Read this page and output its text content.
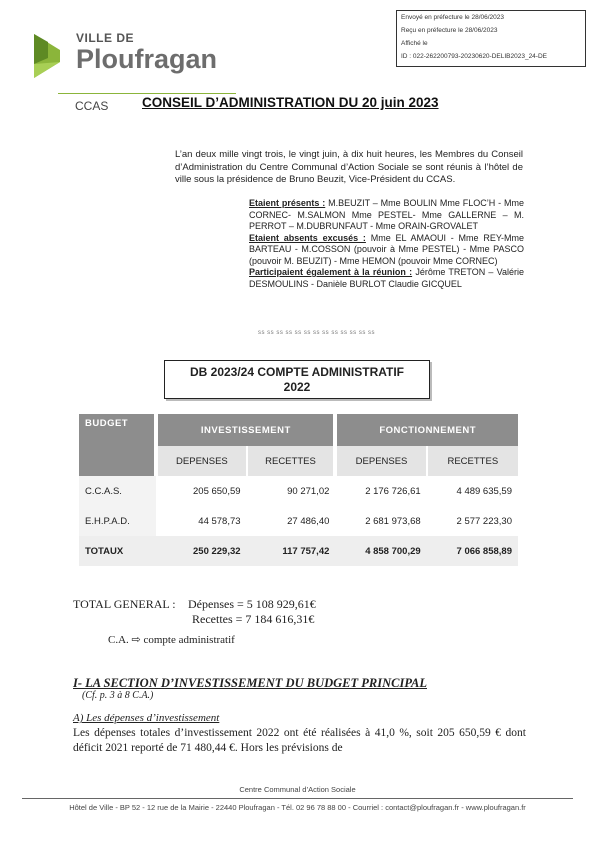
VILLE DE
Ploufragan
Envoyé en préfecture le 28/06/2023
Reçu en préfecture le 28/06/2023
Affiché le
ID : 022-262200793-20230620-DELIB2023_24-DE
CCAS CONSEIL D’ADMINISTRATION DU 20 juin 2023
L’an deux mille vingt trois, le vingt juin, à dix huit heures, les Membres du Conseil d’Administration du Centre Communal d’Action Sociale se sont réunis à l’hôtel de ville sous la présidence de Bruno Beuzit, Vice-Président du CCAS.
Etaient présents : M.BEUZIT – Mme BOULIN Mme FLOC’H - Mme CORNEC- M.SALMON Mme PESTEL- Mme GALLERNE – M. PERROT – M.DUBRUNFAUT - Mme ORAIN-GROVALET
Etaient absents excusés : Mme EL AMAOUI - Mme REY-Mme BARTEAU - M.COSSON (pouvoir à Mme PESTEL) - Mme PASCO (pouvoir M. BEUZIT) - Mme HEMON (pouvoir Mme CORNEC)
Participaient également à la réunion : Jérôme TRETON – Valérie DESMOULINS - Danièle BURLOT Claudie GICQUEL
ss ss ss ss ss ss ss ss ss ss ss ss ss
DB 2023/24 COMPTE ADMINISTRATIF
2022
BUDGET	INVESTISSEMENT		FONCTIONNEMENT	
	DEPENSES	RECETTES	DEPENSES	RECETTES
C.C.A.S.	205 650,59	90 271,02	2 176 726,61	4 489 635,59
E.H.P.A.D.	44 578,73	27 486,40	2 681 973,68	2 577 223,30
TOTAUX	250 229,32	117 757,42	4 858 700,29	7 066 858,89
TOTAL GENERAL : Dépenses = 5 108 929,61€
Recettes = 7 184 616,31€
C.A. ⇨ compte administratif
I- LA SECTION D’INVESTISSEMENT DU BUDGET PRINCIPAL
(Cf. p. 3 à 8 C.A.)
A) Les dépenses d’investissement
Les dépenses totales d’investissement 2022 ont été réalisées à 41,0 %, soit 205 650,59 € dont déficit 2021 reporté de 71 480,44 €. Hors les prévisions de
Centre Communal d’Action Sociale
Hôtel de Ville - BP 52 - 12 rue de la Mairie - 22440 Ploufragan - Tél. 02 96 78 88 00 - Courriel : contact@ploufragan.fr - www.ploufragan.fr
